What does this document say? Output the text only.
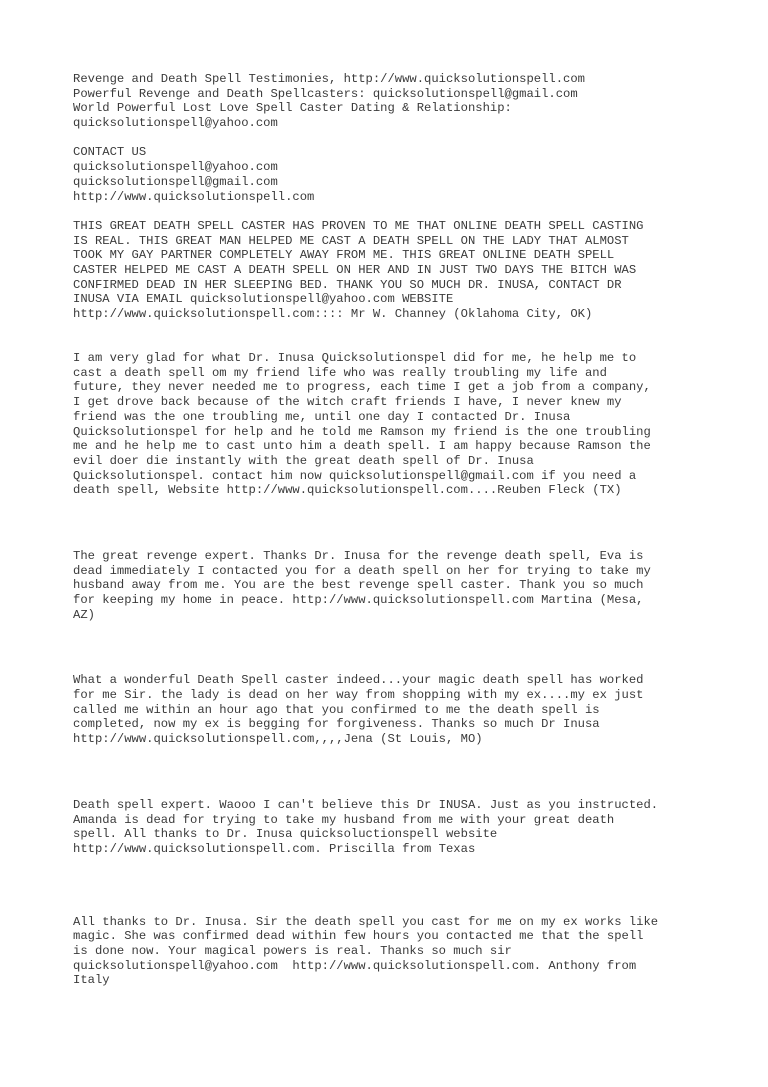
Revenge and Death Spell Testimonies, http://www.quicksolutionspell.com
Powerful Revenge and Death Spellcasters: quicksolutionspell@gmail.com
World Powerful Lost Love Spell Caster Dating & Relationship:
quicksolutionspell@yahoo.com
CONTACT US
quicksolutionspell@yahoo.com
quicksolutionspell@gmail.com
http://www.quicksolutionspell.com
THIS GREAT DEATH SPELL CASTER HAS PROVEN TO ME THAT ONLINE DEATH SPELL CASTING
IS REAL. THIS GREAT MAN HELPED ME CAST A DEATH SPELL ON THE LADY THAT ALMOST
TOOK MY GAY PARTNER COMPLETELY AWAY FROM ME. THIS GREAT ONLINE DEATH SPELL
CASTER HELPED ME CAST A DEATH SPELL ON HER AND IN JUST TWO DAYS THE BITCH WAS
CONFIRMED DEAD IN HER SLEEPING BED. THANK YOU SO MUCH DR. INUSA, CONTACT DR
INUSA VIA EMAIL quicksolutionspell@yahoo.com WEBSITE
http://www.quicksolutionspell.com:::: Mr W. Channey (Oklahoma City, OK)
I am very glad for what Dr. Inusa Quicksolutionspel did for me, he help me to
cast a death spell om my friend life who was really troubling my life and
future, they never needed me to progress, each time I get a job from a company,
I get drove back because of the witch craft friends I have, I never knew my
friend was the one troubling me, until one day I contacted Dr. Inusa
Quicksolutionspel for help and he told me Ramson my friend is the one troubling
me and he help me to cast unto him a death spell. I am happy because Ramson the
evil doer die instantly with the great death spell of Dr. Inusa
Quicksolutionspel. contact him now quicksolutionspell@gmail.com if you need a
death spell, Website http://www.quicksolutionspell.com....Reuben Fleck (TX)
The great revenge expert. Thanks Dr. Inusa for the revenge death spell, Eva is
dead immediately I contacted you for a death spell on her for trying to take my
husband away from me. You are the best revenge spell caster. Thank you so much
for keeping my home in peace. http://www.quicksolutionspell.com Martina (Mesa,
AZ)
What a wonderful Death Spell caster indeed...your magic death spell has worked
for me Sir. the lady is dead on her way from shopping with my ex....my ex just
called me within an hour ago that you confirmed to me the death spell is
completed, now my ex is begging for forgiveness. Thanks so much Dr Inusa
http://www.quicksolutionspell.com,,,,Jena (St Louis, MO)
Death spell expert. Waooo I can't believe this Dr INUSA. Just as you instructed.
Amanda is dead for trying to take my husband from me with your great death
spell. All thanks to Dr. Inusa quicksoluctionspell website
http://www.quicksolutionspell.com. Priscilla from Texas
All thanks to Dr. Inusa. Sir the death spell you cast for me on my ex works like
magic. She was confirmed dead within few hours you contacted me that the spell
is done now. Your magical powers is real. Thanks so much sir
quicksolutionspell@yahoo.com  http://www.quicksolutionspell.com. Anthony from
Italy
